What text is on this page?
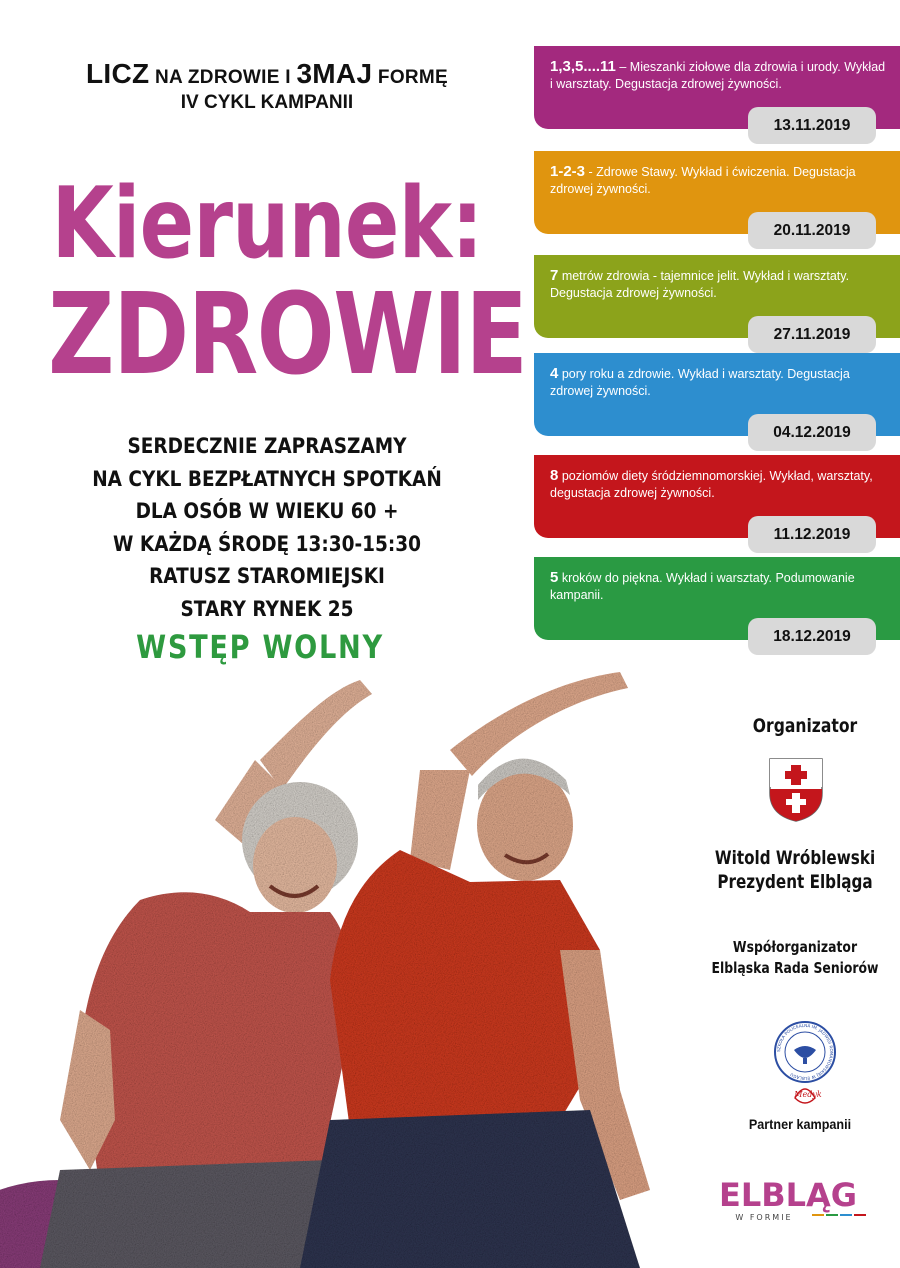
LICZ NA ZDROWIE I 3MAJ FORMĘ
IV CYKL KAMPANII
Kierunek:
ZDROWIE
SERDECZNIE ZAPRASZAMY
NA CYKL BEZPŁATNYCH SPOTKAŃ
DLA OSÓB W WIEKU 60 +
W KAŻDĄ ŚRODĘ 13:30-15:30
RATUSZ STAROMIEJSKI
STARY RYNEK 25
WSTĘP WOLNY
1,3,5....11 – Mieszanki ziołowe dla zdrowia i urody. Wykład i warsztaty. Degustacja zdrowej żywności.
13.11.2019
1-2-3 - Zdrowe Stawy. Wykład i ćwiczenia. Degustacja zdrowej żywności.
20.11.2019
7 metrów zdrowia - tajemnice jelit. Wykład i warsztaty. Degustacja zdrowej żywności.
27.11.2019
4 pory roku a zdrowie. Wykład i warsztaty. Degustacja zdrowej żywności.
04.12.2019
8 poziomów diety śródziemnomorskiej. Wykład, warsztaty, degustacja zdrowej żywności.
11.12.2019
5 kroków do piękna. Wykład i warsztaty. Podumowanie kampanii.
18.12.2019
Organizator
Witold Wróblewski
Prezydent Elbląga
Współorganizator
Elbląska Rada Seniorów
SZKOŁA POLICEALNA IM. JADWIGI ROMANOWSKIEJ W ELBLĄGU
Medyk
Partner kampanii
ELBLĄG
W FORMIE
